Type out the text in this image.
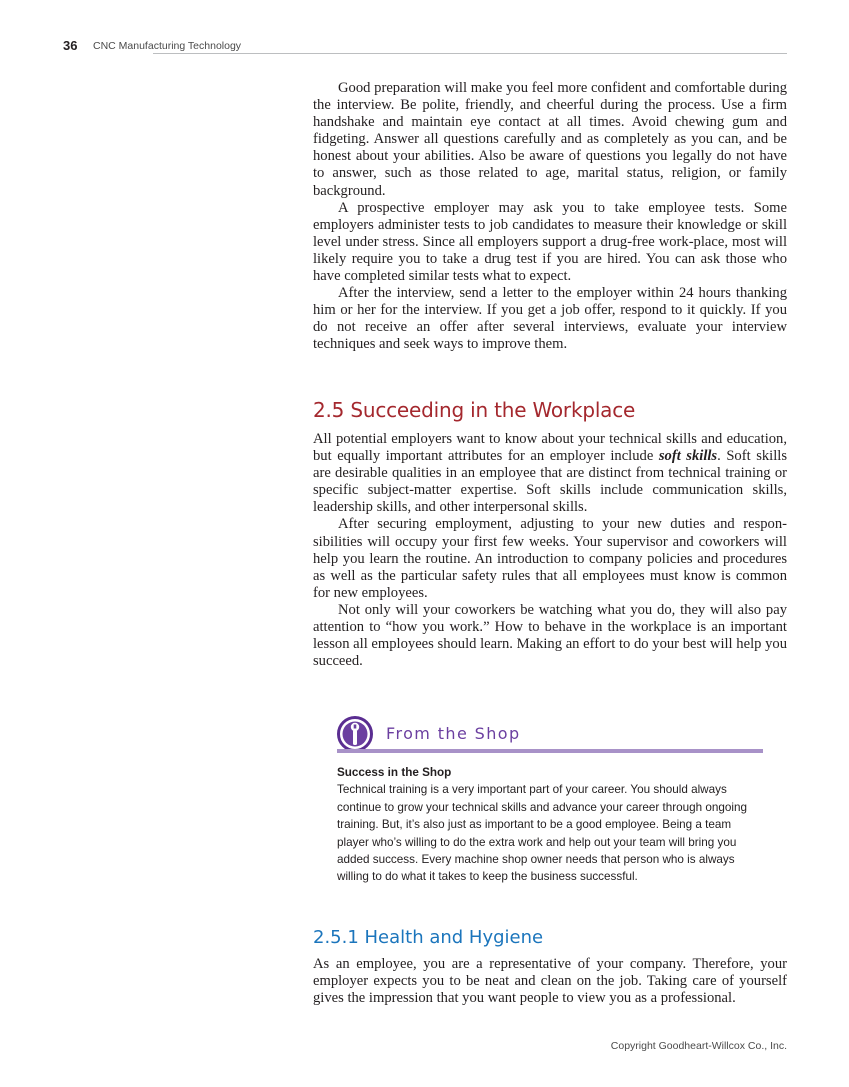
36 CNC Manufacturing Technology

Good preparation will make you feel more confident and comfortable during the interview. Be polite, friendly, and cheerful during the process. Use a firm handshake and maintain eye contact at all times. Avoid chewing gum and fidgeting. Answer all questions carefully and as completely as you can, and be honest about your abilities. Also be aware of questions you legally do not have to answer, such as those related to age, marital status, religion, or family background.

A prospective employer may ask you to take employee tests. Some employers administer tests to job candidates to measure their knowledge or skill level under stress. Since all employers support a drug-free work-place, most will likely require you to take a drug test if you are hired. You can ask those who have completed similar tests what to expect.

After the interview, send a letter to the employer within 24 hours thanking him or her for the interview. If you get a job offer, respond to it quickly. If you do not receive an offer after several interviews, evaluate your interview techniques and seek ways to improve them.

2.5 Succeeding in the Workplace

All potential employers want to know about your technical skills and education, but equally important attributes for an employer include soft skills. Soft skills are desirable qualities in an employee that are distinct from technical training or specific subject-matter expertise. Soft skills include communication skills, leadership skills, and other interpersonal skills.

After securing employment, adjusting to your new duties and respon-sibilities will occupy your first few weeks. Your supervisor and coworkers will help you learn the routine. An introduction to company policies and procedures as well as the particular safety rules that all employees must know is common for new employees.

Not only will your coworkers be watching what you do, they will also pay attention to “how you work.” How to behave in the workplace is an important lesson all employees should learn. Making an effort to do your best will help you succeed.

From the Shop
Success in the Shop
Technical training is a very important part of your career. You should always continue to grow your technical skills and advance your career through ongoing training. But, it’s also just as important to be a good employee. Being a team player who’s willing to do the extra work and help out your team will bring you added success. Every machine shop owner needs that person who is always willing to do what it takes to keep the business successful.
2.5.1 Health and Hygiene

As an employee, you are a representative of your company. Therefore, your employer expects you to be neat and clean on the job. Taking care of yourself gives the impression that you want people to view you as a professional.

Copyright Goodheart-Willcox Co., Inc.
